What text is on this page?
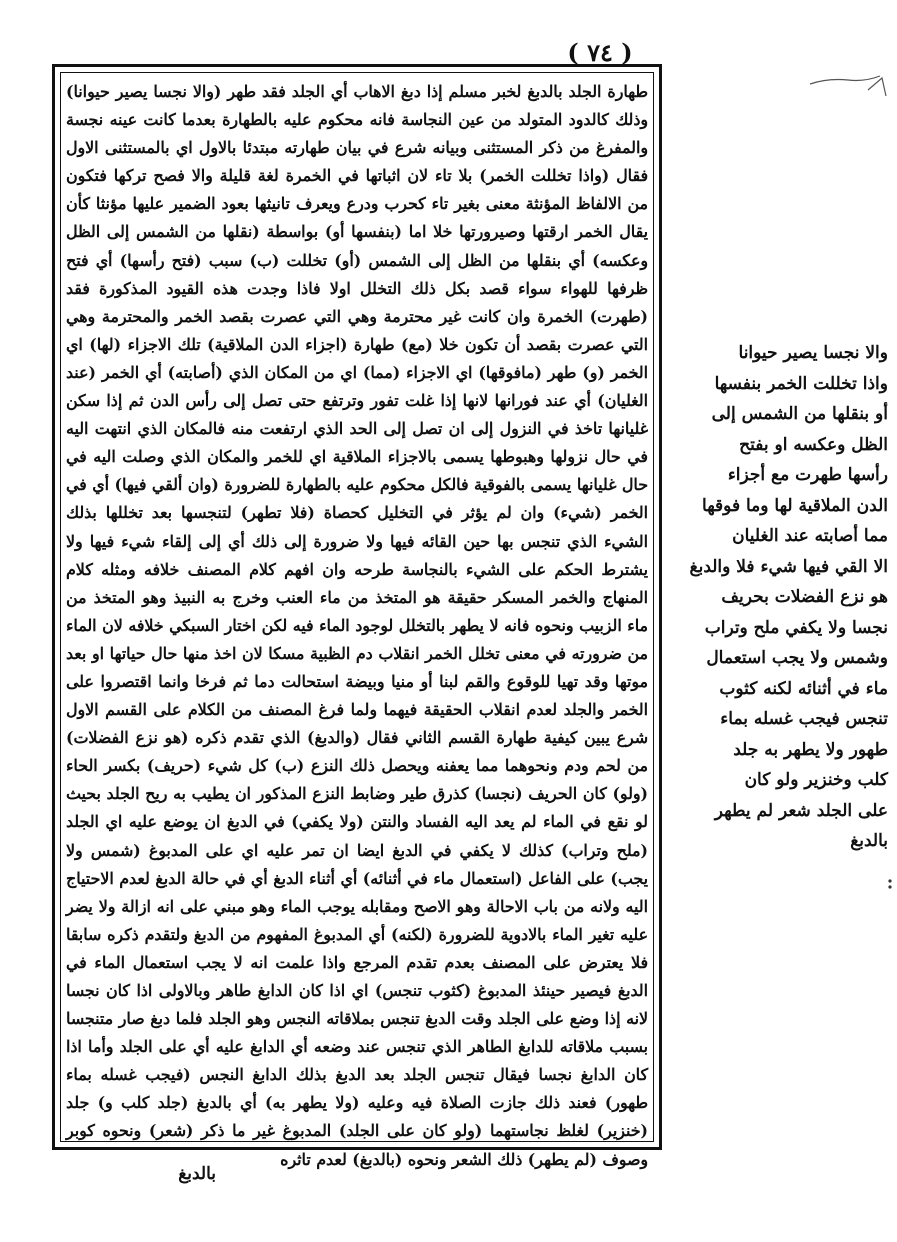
( ٧٤ )

طهارة الجلد بالدبغ لخبر مسلم إذا دبغ الاهاب أي الجلد فقد طهر (والا نجسا يصير حيوانا) وذلك كالدود المتولد من عين النجاسة فانه محكوم عليه بالطهارة بعدما كانت عينه نجسة والمفرغ من ذكر المستثنى وبيانه شرع في بيان طهارته مبتدئا بالاول اي بالمستثنى الاول فقال (واذا تخللت الخمر) بلا تاء لان اثباتها في الخمرة لغة قليلة والا فصح تركها فتكون من الالفاظ المؤنثة معنى بغير تاء كحرب ودرع ويعرف تانيثها بعود الضمير عليها مؤنثا كأن يقال الخمر ارقتها وصيرورتها خلا اما (بنفسها أو) بواسطة (نقلها من الشمس إلى الظل وعكسه) أي بنقلها من الظل إلى الشمس (أو) تخللت (ب) سبب (فتح رأسها) أي فتح ظرفها للهواء سواء قصد بكل ذلك التخلل اولا فاذا وجدت هذه القيود المذكورة فقد (طهرت) الخمرة وان كانت غير محترمة وهي التي عصرت بقصد الخمر والمحترمة وهي التي عصرت بقصد أن تكون خلا (مع) طهارة (اجزاء الدن الملاقية) تلك الاجزاء (لها) اي الخمر (و) طهر (مافوقها) اي الاجزاء (مما) اي من المكان الذي (أصابته) أي الخمر (عند الغليان) أي عند فورانها لانها إذا غلت تفور وترتفع حتى تصل إلى رأس الدن ثم إذا سكن غليانها تاخذ في النزول إلى ان تصل إلى الحد الذي ارتفعت منه فالمكان الذي انتهت اليه في حال نزولها وهبوطها يسمى بالاجزاء الملاقية اي للخمر والمكان الذي وصلت اليه في حال غليانها يسمى بالفوقية فالكل محكوم عليه بالطهارة للضرورة (وان ألقي فيها) أي في الخمر (شيء) وان لم يؤثر في التخليل كحصاة (فلا تطهر) لتنجسها بعد تخللها بذلك الشيء الذي تنجس بها حين القائه فيها ولا ضرورة إلى ذلك أي إلى إلقاء شيء فيها ولا يشترط الحكم على الشيء بالنجاسة طرحه وان افهم كلام المصنف خلافه ومثله كلام المنهاج والخمر المسكر حقيقة هو المتخذ من ماء العنب وخرج به النبيذ وهو المتخذ من ماء الزبيب ونحوه فانه لا يطهر بالتخلل لوجود الماء فيه لكن اختار السبكي خلافه لان الماء من ضرورته في معنى تخلل الخمر انقلاب دم الظبية مسكا لان اخذ منها حال حياتها او بعد موتها وقد تهيا للوقوع والقم لبنا أو منيا وبيضة استحالت دما ثم فرخا وانما اقتصروا على الخمر والجلد لعدم انقلاب الحقيقة فيهما ولما فرغ المصنف من الكلام على القسم الاول شرع يبين كيفية طهارة القسم الثاني فقال (والدبغ) الذي تقدم ذكره (هو نزع الفضلات) من لحم ودم ونحوهما مما يعفنه ويحصل ذلك النزع (ب) كل شيء (حريف) بكسر الحاء (ولو) كان الحريف (نجسا) كذرق طير وضابط النزع المذكور ان يطيب به ريح الجلد بحيث لو نقع في الماء لم يعد اليه الفساد والنتن (ولا يكفي) في الدبغ ان يوضع عليه اي الجلد (ملح وتراب) كذلك لا يكفي في الدبغ ايضا ان تمر عليه اي على المدبوغ (شمس ولا يجب) على الفاعل (استعمال ماء في أثنائه) أي أثناء الدبغ أي في حالة الدبغ لعدم الاحتياج اليه ولانه من باب الاحالة وهو الاصح ومقابله يوجب الماء وهو مبني على انه ازالة ولا يضر عليه تغير الماء بالادوية للضرورة (لكنه) أي المدبوغ المفهوم من الدبغ ولتقدم ذكره سابقا فلا يعترض على المصنف بعدم تقدم المرجع واذا علمت انه لا يجب استعمال الماء في الدبغ فيصير حينئذ المدبوغ (كثوب تنجس) اي اذا كان الدابغ طاهر وبالاولى اذا كان نجسا لانه إذا وضع على الجلد وقت الدبغ تنجس بملاقاته النجس وهو الجلد فلما دبغ صار متنجسا بسبب ملاقاته للدابغ الطاهر الذي تنجس عند وضعه أي الدابغ عليه أي على الجلد وأما اذا كان الدابغ نجسا فيقال تنجس الجلد بعد الدبغ بذلك الدابغ النجس (فيجب غسله بماء طهور) فعند ذلك جازت الصلاة فيه وعليه (ولا يطهر به) أي بالدبغ (جلد كلب و) جلد (خنزير) لغلظ نجاستهما (ولو كان على الجلد) المدبوغ غير ما ذكر (شعر) ونحوه كوبر وصوف (لم يطهر) ذلك الشعر ونحوه (بالدبغ) لعدم تاثره

والا نجسا يصير حيوانا

واذا تخللت الخمر بنفسها

أو بنقلها من الشمس إلى

الظل وعكسه او بفتح

رأسها طهرت مع أجزاء

الدن الملاقية لها وما فوقها

مما أصابته عند الغليان

الا القي فيها شيء فلا والدبغ

هو نزع الفضلات بحريف

نجسا ولا يكفي ملح وتراب

وشمس ولا يجب استعمال

ماء في أثنائه لكنه كثوب

تنجس فيجب غسله بماء

طهور ولا يطهر به جلد

كلب وخنزير ولو كان

على الجلد شعر لم يطهر

بالدبغ

بالدبغ
